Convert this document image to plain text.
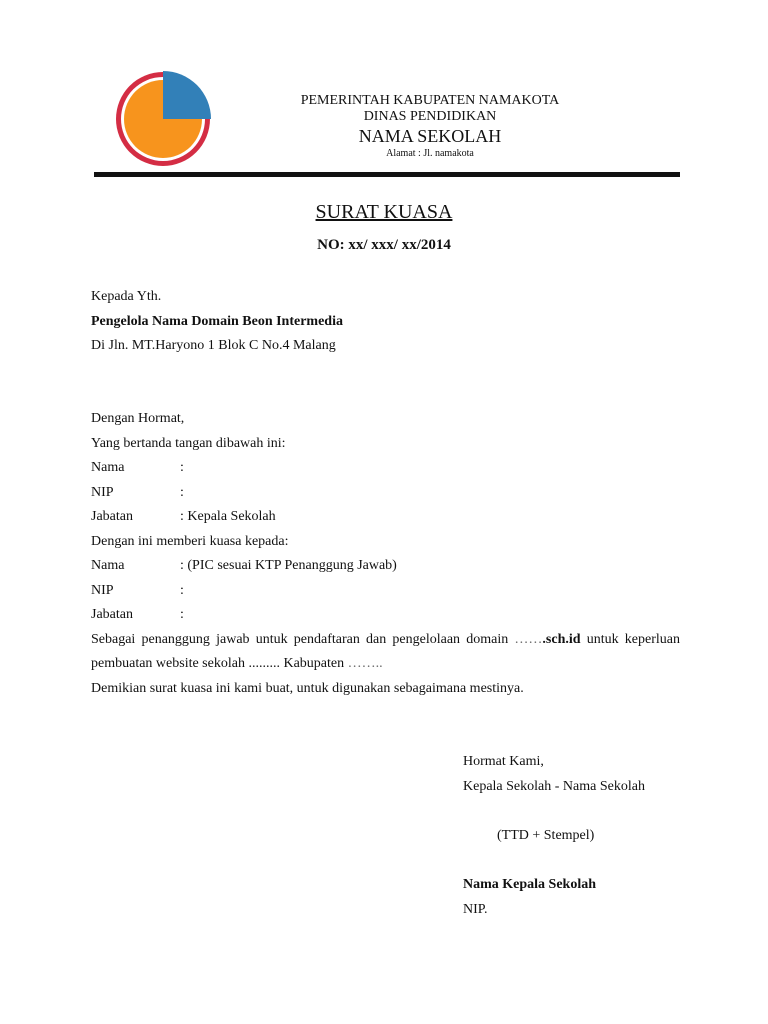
PEMERINTAH KABUPATEN NAMAKOTA
DINAS PENDIDIKAN
NAMA SEKOLAH
Alamat : Jl. namakota
SURAT KUASA
NO: xx/ xxx/ xx/2014
Kepada Yth.
Pengelola Nama Domain Beon Intermedia
Di Jln. MT.Haryono 1 Blok C No.4 Malang
Dengan Hormat,
Yang bertanda tangan dibawah ini:
Nama	:
NIP	:
Jabatan	: Kepala Sekolah
Dengan ini memberi kuasa kepada:
Nama	: (PIC sesuai KTP Penanggung Jawab)
NIP	:
Jabatan	:
Sebagai penanggung jawab untuk pendaftaran dan pengelolaan domain …….sch.id untuk keperluan
pembuatan website sekolah ......... Kabupaten ……..
Demikian surat kuasa ini kami buat, untuk digunakan sebagaimana mestinya.
Hormat Kami,
Kepala Sekolah - Nama Sekolah
(TTD + Stempel)
Nama Kepala Sekolah
NIP.
